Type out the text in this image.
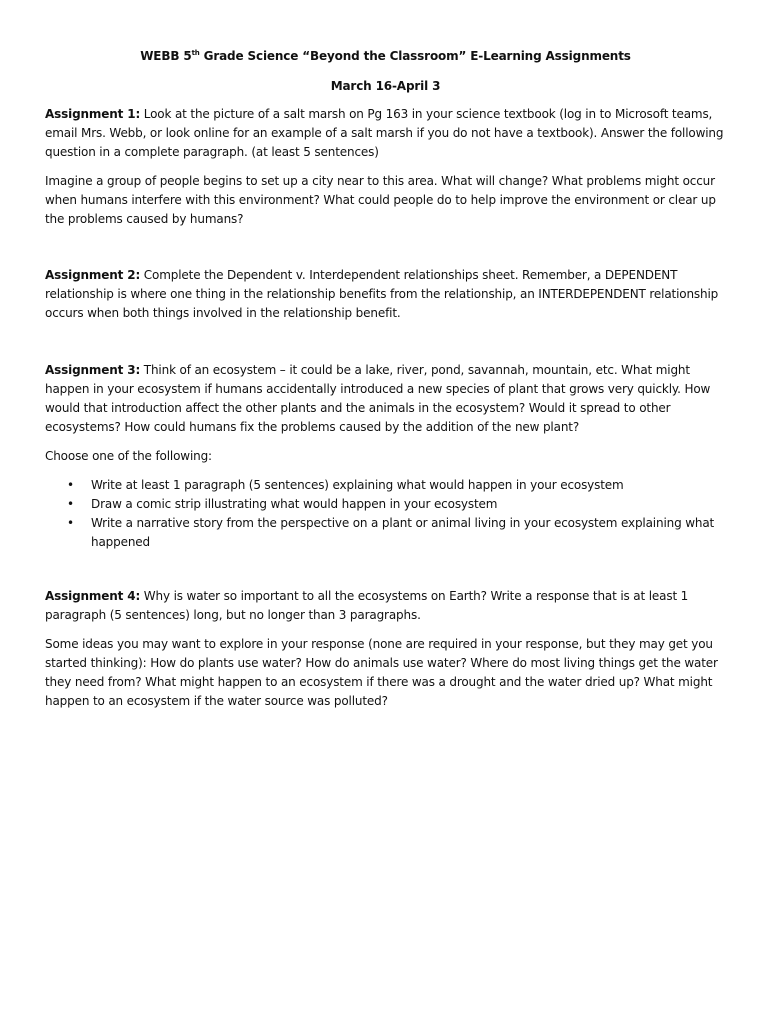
WEBB 5th Grade Science “Beyond the Classroom” E-Learning Assignments

March 16-April 3

Assignment 1: Look at the picture of a salt marsh on Pg 163 in your science textbook (log in to Microsoft teams, email Mrs. Webb, or look online for an example of a salt marsh if you do not have a textbook). Answer the following question in a complete paragraph. (at least 5 sentences)

Imagine a group of people begins to set up a city near to this area. What will change? What problems might occur when humans interfere with this environment? What could people do to help improve the environment or clear up the problems caused by humans?

Assignment 2: Complete the Dependent v. Interdependent relationships sheet. Remember, a DEPENDENT relationship is where one thing in the relationship benefits from the relationship, an INTERDEPENDENT relationship occurs when both things involved in the relationship benefit.

Assignment 3: Think of an ecosystem – it could be a lake, river, pond, savannah, mountain, etc. What might happen in your ecosystem if humans accidentally introduced a new species of plant that grows very quickly. How would that introduction affect the other plants and the animals in the ecosystem? Would it spread to other ecosystems? How could humans fix the problems caused by the addition of the new plant?

Choose one of the following:

• Write at least 1 paragraph (5 sentences) explaining what would happen in your ecosystem
• Draw a comic strip illustrating what would happen in your ecosystem
• Write a narrative story from the perspective on a plant or animal living in your ecosystem explaining what happened

Assignment 4: Why is water so important to all the ecosystems on Earth? Write a response that is at least 1 paragraph (5 sentences) long, but no longer than 3 paragraphs.

Some ideas you may want to explore in your response (none are required in your response, but they may get you started thinking): How do plants use water? How do animals use water? Where do most living things get the water they need from? What might happen to an ecosystem if there was a drought and the water dried up? What might happen to an ecosystem if the water source was polluted?
